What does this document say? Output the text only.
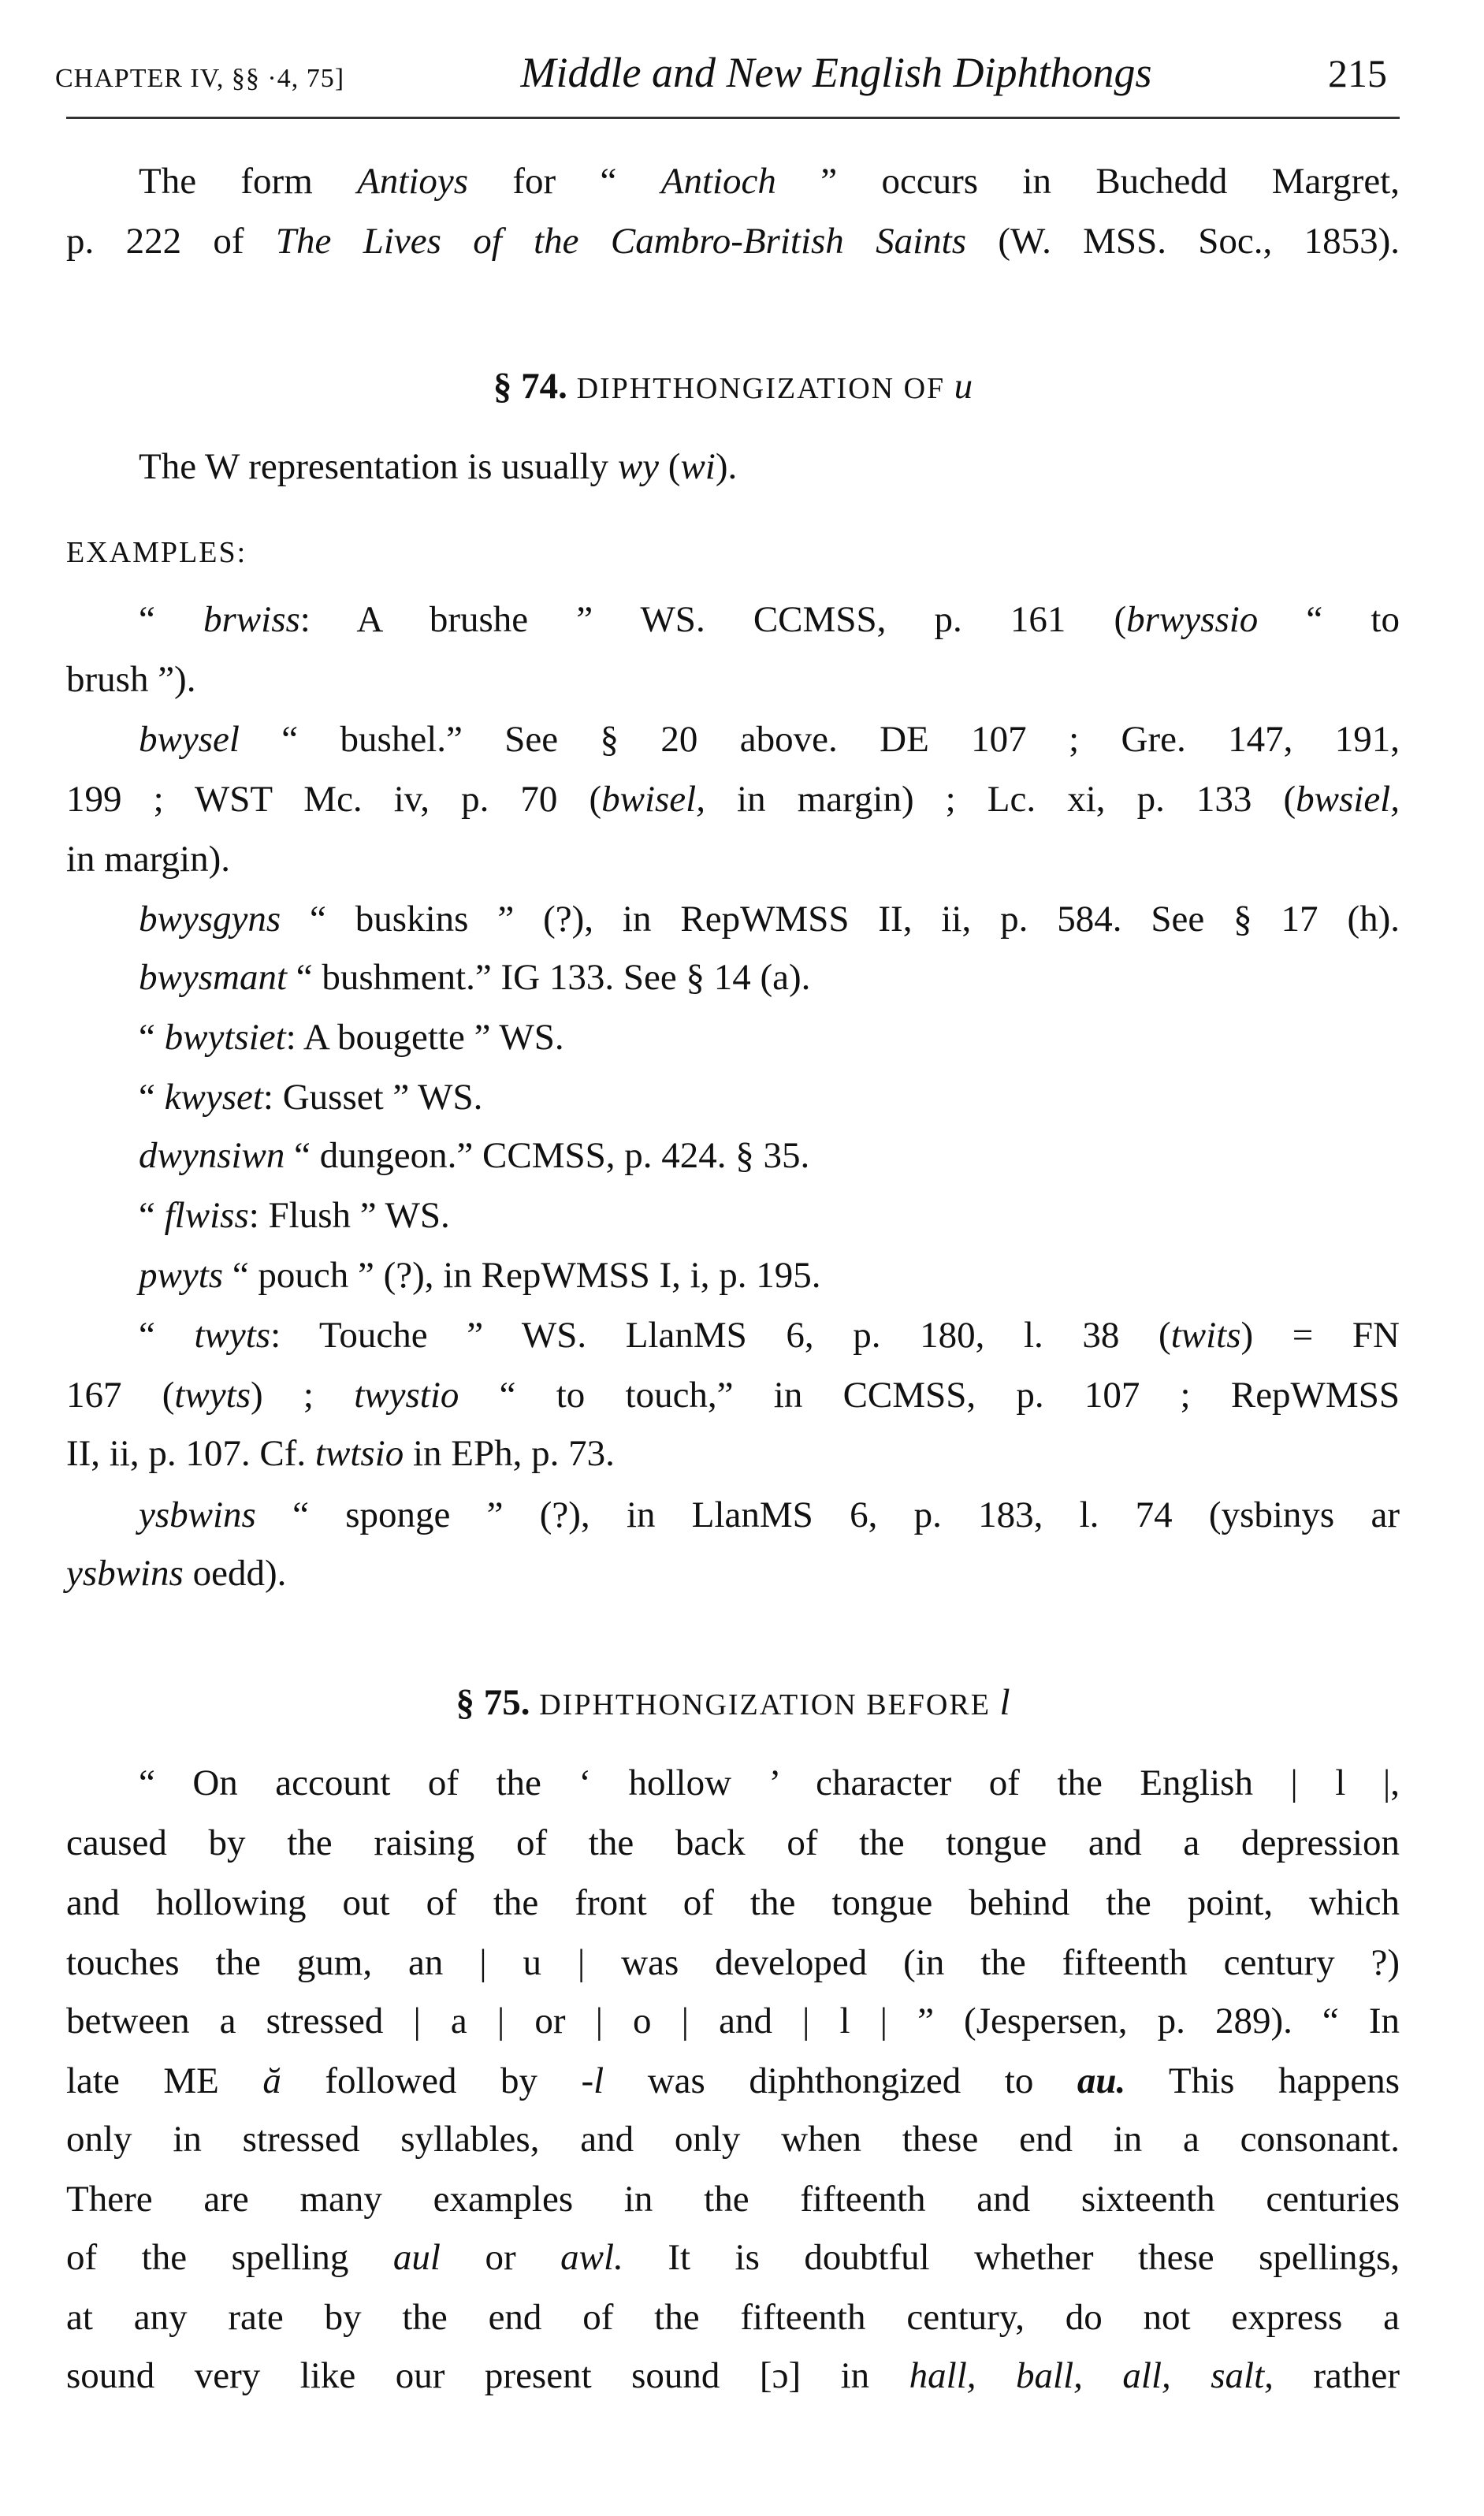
CHAPTER IV, §§ ·4, 75]	Middle and New English Diphthongs	215
The form Antioys for “ Antioch ” occurs in Buchedd Margret,
p. 222 of The Lives of the Cambro-British Saints (W. MSS. Soc., 1853).
§ 74. DIPHTHONGIZATION OF u
The W representation is usually wy (wi).
EXAMPLES:
“ brwiss: A brushe ” WS. CCMSS, p. 161 (brwyssio “ to
brush ”).
bwysel “ bushel.” See § 20 above. DE 107 ; Gre. 147, 191,
199 ; WST Mc. iv, p. 70 (bwisel, in margin) ; Lc. xi, p. 133 (bwsiel,
in margin).
bwysgyns “ buskins ” (?), in RepWMSS II, ii, p. 584. See § 17 (h).
bwysmant “ bushment.” IG 133. See § 14 (a).
“ bwytsiet: A bougette ” WS.
“ kwyset: Gusset ” WS.
dwynsiwn “ dungeon.” CCMSS, p. 424. § 35.
“ flwiss: Flush ” WS.
pwyts “ pouch ” (?), in RepWMSS I, i, p. 195.
“ twyts: Touche ” WS. LlanMS 6, p. 180, l. 38 (twits) = FN
167 (twyts) ; twystio “ to touch,” in CCMSS, p. 107 ; RepWMSS
II, ii, p. 107. Cf. twtsio in EPh, p. 73.
ysbwins “ sponge ” (?), in LlanMS 6, p. 183, l. 74 (ysbinys ar
ysbwins oedd).
§ 75. DIPHTHONGIZATION BEFORE l
“ On account of the ‘ hollow ’ character of the English | l |,
caused by the raising of the back of the tongue and a depression
and hollowing out of the front of the tongue behind the point, which
touches the gum, an | u | was developed (in the fifteenth century ?)
between a stressed | a | or | o | and | l | ” (Jespersen, p. 289). “ In
late ME ă followed by -l was diphthongized to au. This happens
only in stressed syllables, and only when these end in a consonant.
There are many examples in the fifteenth and sixteenth centuries
of the spelling aul or awl. It is doubtful whether these spellings,
at any rate by the end of the fifteenth century, do not express a
sound very like our present sound [ɔ] in hall, ball, all, salt, rather
